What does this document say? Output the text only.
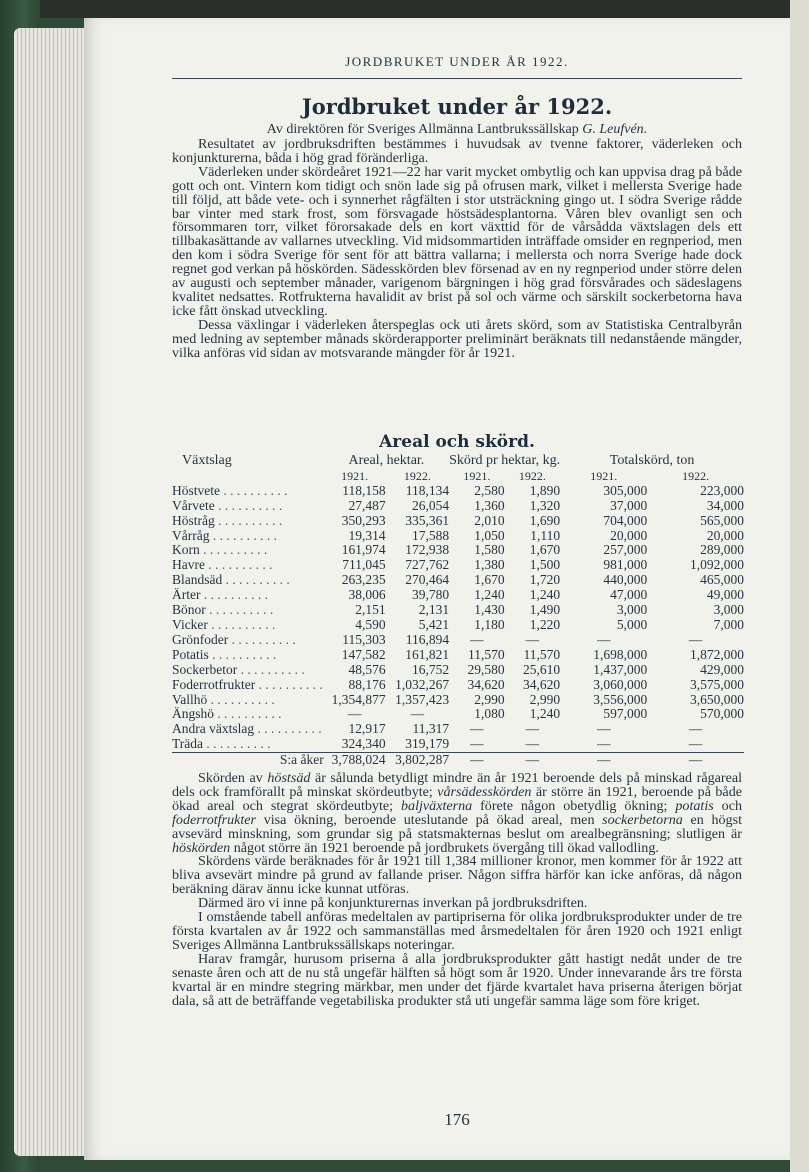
JORDBRUKET UNDER ÅR 1922.
Jordbruket under år 1922.
Av direktören för Sveriges Allmänna Lantbrukssällskap G. Leufvén.

Resultatet av jordbruksdriften bestämmes i huvudsak av tvenne faktorer, väderleken och konjunkturerna, båda i hög grad föränderliga.

Väderleken under skördeåret 1921—22 har varit mycket ombytlig och kan uppvisa drag på både gott och ont. Vintern kom tidigt och snön lade sig på ofrusen mark, vilket i mellersta Sverige hade till följd, att både vete- och i synnerhet rågfälten i stor utsträckning gingo ut. I södra Sverige rådde bar vinter med stark frost, som försvagade höstsädesplantorna. Våren blev ovanligt sen och försommaren torr, vilket förorsakade dels en kort växttid för de vårsådda växtslagen dels ett tillbakasättande av vallarnes utveckling. Vid midsommartiden inträffade omsider en regnperiod, men den kom i södra Sverige för sent för att bättra vallarna; i mellersta och norra Sverige hade dock regnet god verkan på höskörden. Sädesskörden blev försenad av en ny regnperiod under större delen av augusti och september månader, varigenom bärgningen i hög grad försvårades och sädeslagens kvalitet nedsattes. Rotfrukterna havalidit av brist på sol och värme och särskilt sockerbetorna hava icke fått önskad utveckling.

Dessa växlingar i väderleken återspeglas ock uti årets skörd, som av Statistiska Centralbyrån med ledning av september månads skörderapporter preliminärt beräknats till nedanstående mängder, vilka anföras vid sidan av motsvarande mängder för år 1921.

Areal och skörd.
Växtslag	Areal, hektar.		Skörd pr hektar, kg.		Totalskörd, ton	
	1921.	1922.	1921.	1922.	1921.	1922.
Höstvete . . . . . . . . . .	118,158	118,134	2,580	1,890	305,000	223,000
Vårvete . . . . . . . . . .	27,487	26,054	1,360	1,320	37,000	34,000
Höstråg . . . . . . . . . .	350,293	335,361	2,010	1,690	704,000	565,000
Vårråg . . . . . . . . . .	19,314	17,588	1,050	1,110	20,000	20,000
Korn . . . . . . . . . .	161,974	172,938	1,580	1,670	257,000	289,000
Havre . . . . . . . . . .	711,045	727,762	1,380	1,500	981,000	1,092,000
Blandsäd . . . . . . . . . .	263,235	270,464	1,670	1,720	440,000	465,000
Ärter . . . . . . . . . .	38,006	39,780	1,240	1,240	47,000	49,000
Bönor . . . . . . . . . .	2,151	2,131	1,430	1,490	3,000	3,000
Vicker . . . . . . . . . .	4,590	5,421	1,180	1,220	5,000	7,000
Grönfoder . . . . . . . . . .	115,303	116,894	—	—	—	—
Potatis . . . . . . . . . .	147,582	161,821	11,570	11,570	1,698,000	1,872,000
Sockerbetor . . . . . . . . . .	48,576	16,752	29,580	25,610	1,437,000	429,000
Foderrotfrukter . . . . . . . . . .	88,176	1,032,267	34,620	34,620	3,060,000	3,575,000
Vallhö . . . . . . . . . .	1,354,877	1,357,423	2,990	2,990	3,556,000	3,650,000
Ängshö . . . . . . . . . .	—	—	1,080	1,240	597,000	570,000
Andra växtslag . . . . . . . . . .	12,917	11,317	—	—	—	—
Träda . . . . . . . . . .	324,340	319,179	—	—	—	—
S:a åker	3,788,024	3,802,287	—	—	—	—

Skörden av höstsäd är sålunda betydligt mindre än år 1921 beroende dels på minskad rågareal dels ock framförallt på minskat skördeutbyte; vårsädesskörden är större än 1921, beroende på både ökad areal och stegrat skördeutbyte; baljväxterna förete någon obetydlig ökning; potatis och foderrotfrukter visa ökning, beroende uteslutande på ökad areal, men sockerbetorna en högst avsevärd minskning, som grundar sig på statsmakternas beslut om arealbegränsning; slutligen är höskörden något större än 1921 beroende på jordbrukets övergång till ökad vallodling.

Skördens värde beräknades för år 1921 till 1,384 millioner kronor, men kommer för år 1922 att bliva avsevärt mindre på grund av fallande priser. Någon siffra härför kan icke anföras, då någon beräkning därav ännu icke kunnat utföras.

Därmed äro vi inne på konjunkturernas inverkan på jordbruksdriften.

I omstående tabell anföras medeltalen av partipriserna för olika jordbruksprodukter under de tre första kvartalen av år 1922 och sammanställas med årsmedeltalen för åren 1920 och 1921 enligt Sveriges Allmänna Lantbrukssällskaps noteringar.

Harav framgår, hurusom priserna å alla jordbruksprodukter gått hastigt nedåt under de tre senaste åren och att de nu stå ungefär hälften så högt som år 1920. Under innevarande års tre första kvartal är en mindre stegring märkbar, men under det fjärde kvartalet hava priserna återigen börjat dala, så att de beträffande vegetabiliska produkter stå uti ungefär samma läge som före kriget.

176
